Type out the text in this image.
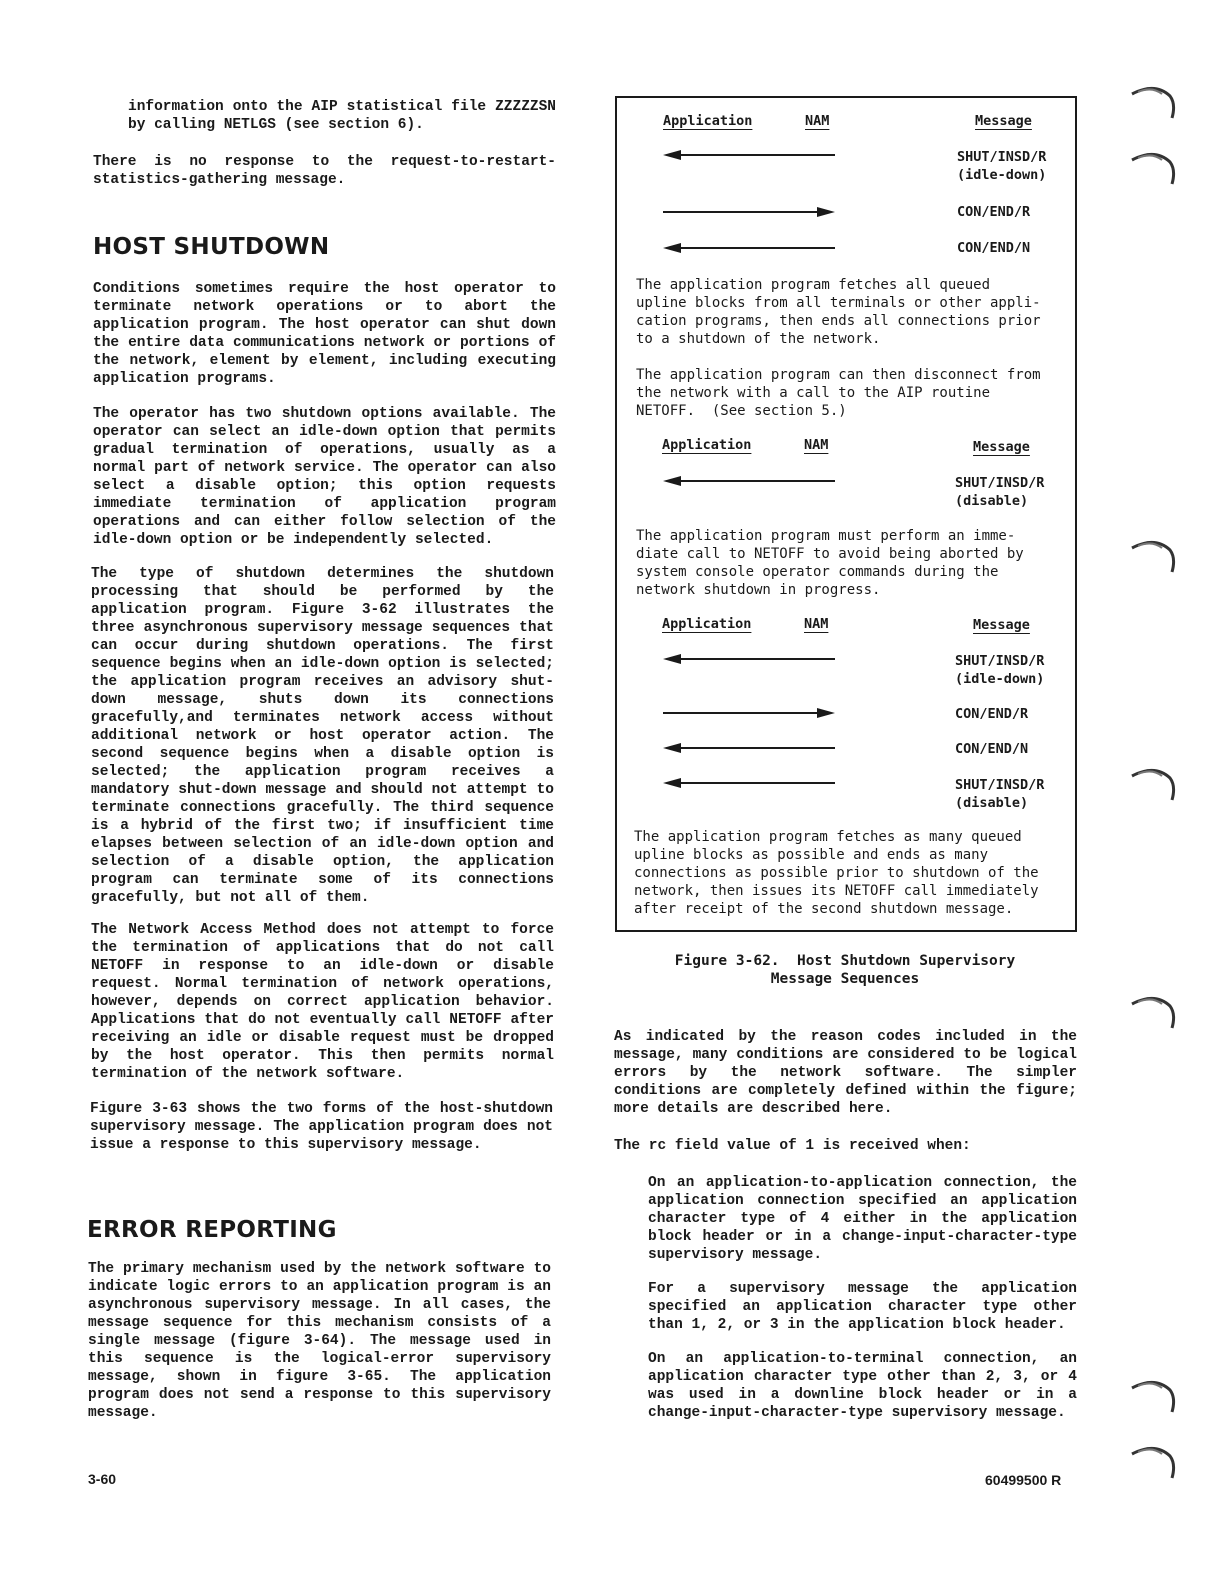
information onto the AIP statistical file ZZZZZSN by calling NETLGS (see section 6).

There is no response to the request-to-restart-statistics-gathering message.

HOST SHUTDOWN

Conditions sometimes require the host operator to terminate network operations or to abort the application program. The host operator can shut down the entire data communications network or portions of the network, element by element, including executing application programs.

The operator has two shutdown options available. The operator can select an idle-down option that permits gradual termination of operations, usually as a normal part of network service. The operator can also select a disable option; this option requests immediate termination of application program operations and can either follow selection of the idle-down option or be independently selected.

The type of shutdown determines the shutdown processing that should be performed by the application program. Figure 3-62 illustrates the three asynchronous supervisory message sequences that can occur during shutdown operations. The first sequence begins when an idle-down option is selected; the application program receives an advisory shut-down message, shuts down its connections gracefully,and terminates network access without additional network or host operator action. The second sequence begins when a disable option is selected; the application program receives a mandatory shut-down message and should not attempt to terminate connections gracefully. The third sequence is a hybrid of the first two; if insufficient time elapses between selection of an idle-down option and selection of a disable option, the application program can terminate some of its connections gracefully, but not all of them.

The Network Access Method does not attempt to force the termination of applications that do not call NETOFF in response to an idle-down or disable request. Normal termination of network operations, however, depends on correct application behavior. Applications that do not eventually call NETOFF after receiving an idle or disable request must be dropped by the host operator. This then permits normal termination of the network software.

Figure 3-63 shows the two forms of the host-shutdown supervisory message. The application program does not issue a response to this supervisory message.

ERROR REPORTING

The primary mechanism used by the network software to indicate logic errors to an application program is an asynchronous supervisory message. In all cases, the message sequence for this mechanism consists of a single message (figure 3-64). The message used in this sequence is the logical-error supervisory message, shown in figure 3-65. The application program does not send a response to this supervisory message.

Application	NAM	Message
SHUT/INSD/R
(idle-down)
CON/END/R
CON/END/N
The application program fetches all queued
upline blocks from all terminals or other appli-
cation programs, then ends all connections prior
to a shutdown of the network.
The application program can then disconnect from
the network with a call to the AIP routine
NETOFF.  (See section 5.)
Application	NAM	Message
SHUT/INSD/R
(disable)
The application program must perform an imme-
diate call to NETOFF to avoid being aborted by
system console operator commands during the
network shutdown in progress.
Application	NAM	Message
SHUT/INSD/R
(idle-down)
CON/END/R
CON/END/N
SHUT/INSD/R
(disable)
The application program fetches as many queued
upline blocks as possible and ends as many
connections as possible prior to shutdown of the
network, then issues its NETOFF call immediately
after receipt of the second shutdown message.
Figure 3-62.  Host Shutdown Supervisory
Message Sequences

As indicated by the reason codes included in the message, many conditions are considered to be logical errors by the network software. The simpler conditions are completely defined within the figure; more details are described here.

The rc field value of 1 is received when:

On an application-to-application connection, the application connection specified an application character type of 4 either in the application block header or in a change-input-character-type supervisory message.

For a supervisory message the application specified an application character type other than 1, 2, or 3 in the application block header.

On an application-to-terminal connection, an application character type other than 2, 3, or 4 was used in a downline block header or in a change-input-character-type supervisory message.

3-60	60499500 R
